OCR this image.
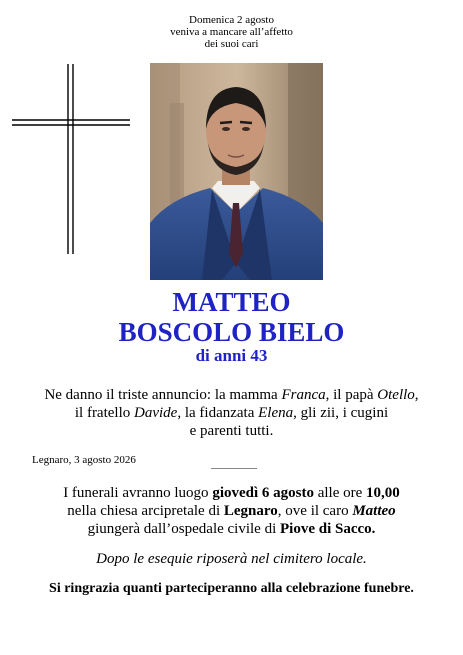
Domenica 2 agosto
veniva a mancare all’affetto
dei suoi cari
MATTEO
BOSCOLO BIELO
di anni 43
Ne danno il triste annuncio: la mamma Franca, il papà Otello,
il fratello Davide, la fidanzata Elena, gli zii, i cugini
e parenti tutti.
Legnaro, 3 agosto 2026
I funerali avranno luogo giovedì 6 agosto alle ore 10,00
nella chiesa arcipretale di Legnaro, ove il caro Matteo
giungerà dall’ospedale civile di Piove di Sacco.
Dopo le esequie riposerà nel cimitero locale.
Si ringrazia quanti parteciperanno alla celebrazione funebre.
